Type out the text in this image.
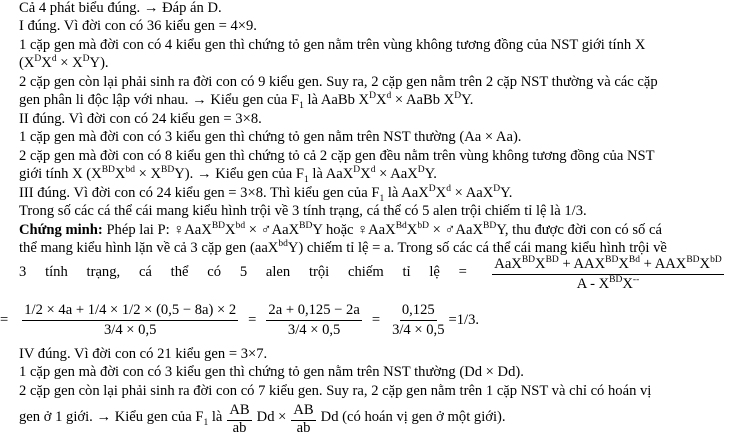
Cả 4 phát biểu đúng. → Đáp án D.
I đúng. Vì đời con có 36 kiểu gen = 4×9.
1 cặp gen mà đời con có 4 kiểu gen thì chứng tỏ gen nằm trên vùng không tương đồng của NST giới tính X
$(X^DX^d \times X^DY)$.
2 cặp gen còn lại phải sinh ra đời con có 9 kiểu gen. Suy ra, 2 cặp gen nằm trên 2 cặp NST thường và các cặp
gen phân li độc lập với nhau. → Kiểu gen của $F_1$ là AaBb $X^DX^d$ × AaBb $X^DY$.
II đúng. Vì đời con có 24 kiểu gen = 3×8.
1 cặp gen mà đời con có 3 kiểu gen thì chứng tỏ gen nằm trên NST thường (Aa × Aa).
2 cặp gen mà đời con có 8 kiểu gen thì chứng tỏ cả 2 cặp gen đều nằm trên vùng không tương đồng của NST
giới tính X $(X^{BD}X^{bd} \times X^{BD}Y)$. → Kiểu gen của $F_1$ là $AaX^DX^d \times AaX^DY$.
III đúng. Vì đời con có 24 kiểu gen = 3×8. Thì kiểu gen của $F_1$ là $AaX^DX^d \times AaX^DY$.
Trong số các cá thể cái mang kiểu hình trội về 3 tính trạng, cá thể có 5 alen trội chiếm tỉ lệ là 1/3.
Chứng minh: Phép lai P: $♀AaX^{BD}X^{bd}$ × ♂AaX$^{BD}$Y hoặc $♀AaX^{Bd}X^{bD}$ × ♂AaX$^{BD}$Y, thu được đời con có số cá
thể mang kiểu hình lặn về cả 3 cặp gen (aaX$^{bd}$Y) chiếm tỉ lệ = a. Trong số các cá thể cái mang kiểu hình trội về
3 tính trạng, cá thể có 5 alen trội chiếm tỉ lệ = $AaX^{BD}X^{BD} + AAX^{BD}X^{Bd} + AAX^{BD}X^{bD}$
A - $X^{BD}X^{--}$
= $\frac{1/2 \times 4a + 1/4 \times 1/2 \times (0,5 - 8a) \times 2}{3/4 \times 0,5} = \frac{2a + 0,125 - 2a}{3/4 \times 0,5} = \frac{0,125}{3/4 \times 0,5} =1/3$.
IV đúng. Vì đời con có 21 kiểu gen = 3×7.
1 cặp gen mà đời con có 3 kiểu gen thì chứng tỏ gen nằm trên NST thường (Dd × Dd).
2 cặp gen còn lại phải sinh ra đời con có 7 kiểu gen. Suy ra, 2 cặp gen nằm trên 1 cặp NST và chỉ có hoán vị
gen ở 1 giới. → Kiểu gen của $F_1$ là $\frac{AB}{ab}$ $Dd \times \frac{AB}{ab}$ Dd (có hoán vị gen ở một giới).
